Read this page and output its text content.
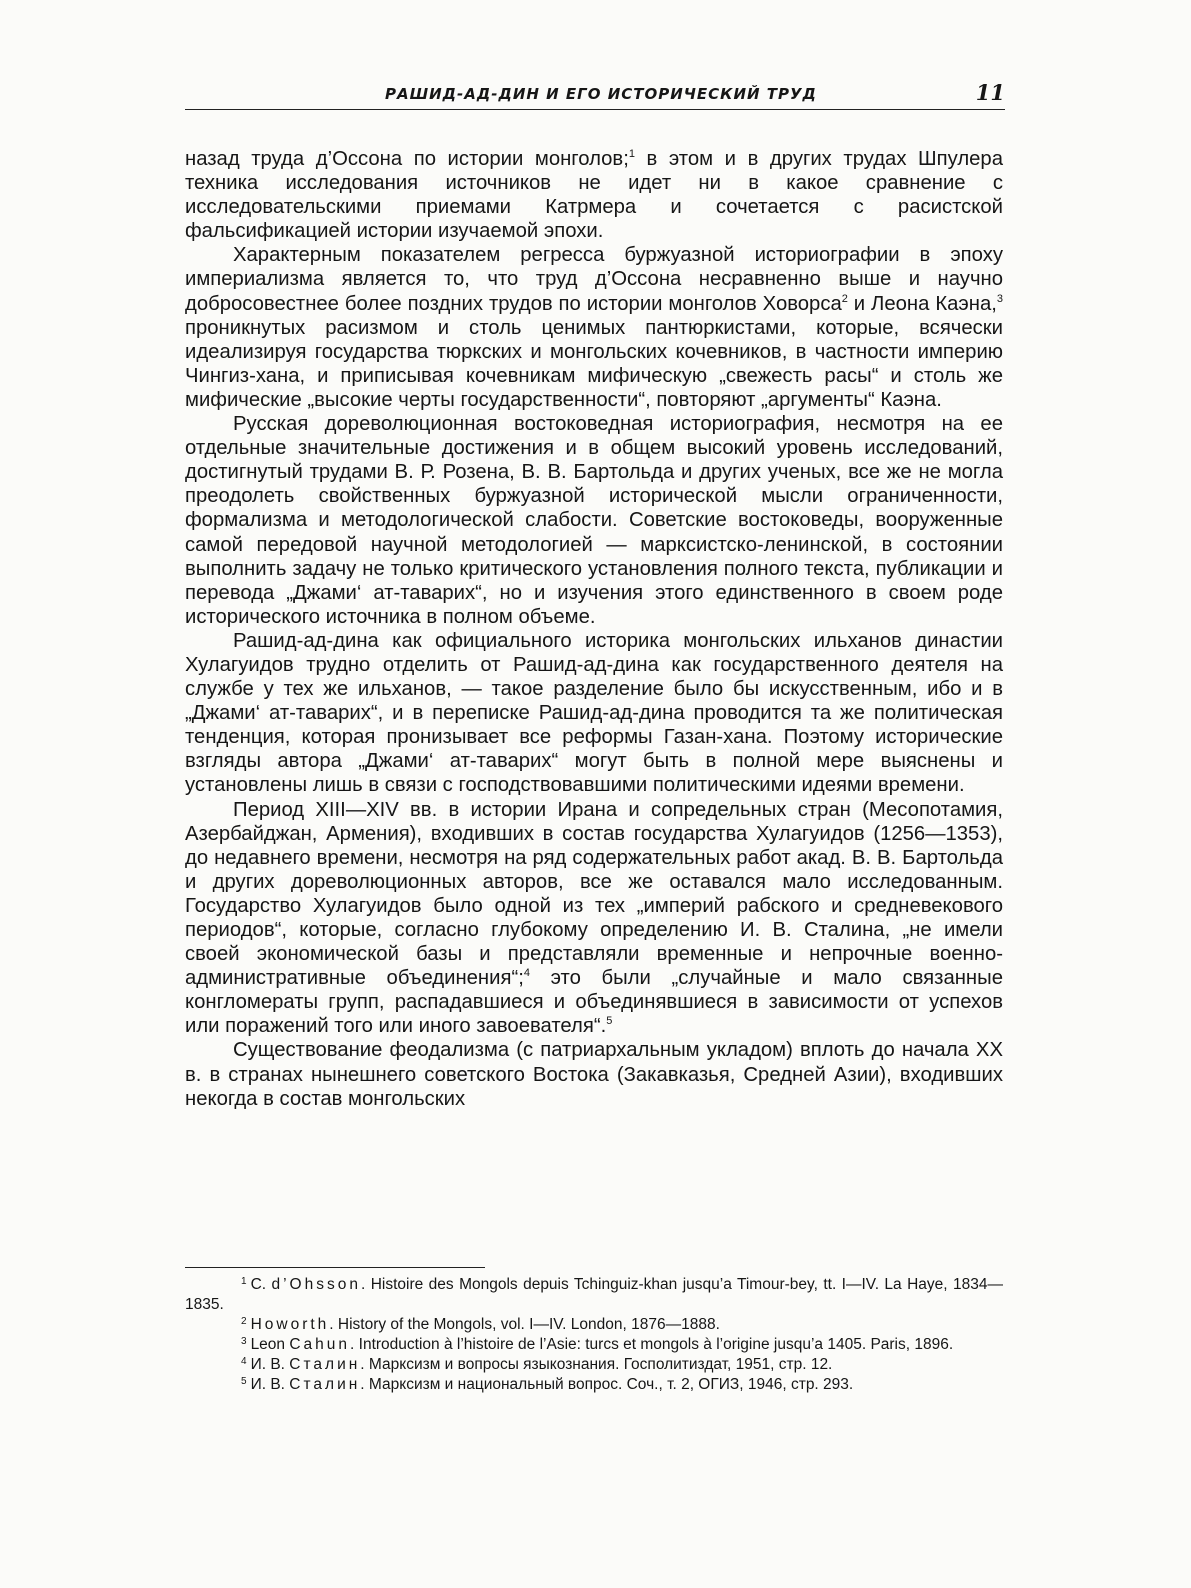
РАШИД-АД-ДИН И ЕГО ИСТОРИЧЕСКИЙ ТРУД	11

назад труда д’Оссона по истории монголов;$^1$ в этом и в других трудах Шпулера техника исследования источников не идет ни в какое сравнение с исследовательскими приемами Катрмера и сочетается с расистской фальсификацией истории изучаемой эпохи.

Характерным показателем регресса буржуазной историографии в эпоху империализма является то, что труд д’Оссона несравненно выше и научно добросовестнее более поздних трудов по истории монголов Ховорса$^2$ и Леона Каэна,$^3$ проникнутых расизмом и столь ценимых пантюркистами, которые, всячески идеализируя государства тюркских и монгольских кочевников, в частности империю Чингиз-хана, и приписывая кочевникам мифическую „свежесть расы“ и столь же мифические „высокие черты государственности“, повторяют „аргументы“ Каэна.

Русская дореволюционная востоковедная историография, несмотря на ее отдельные значительные достижения и в общем высокий уровень исследований, достигнутый трудами В. Р. Розена, В. В. Бартольда и других ученых, все же не могла преодолеть свойственных буржуазной исторической мысли ограниченности, формализма и методологической слабости. Советские востоковеды, вооруженные самой передовой научной методологией — марксистско-ленинской, в состоянии выполнить задачу не только критического установления полного текста, публикации и перевода „Джами‘ ат-таварих“, но и изучения этого единственного в своем роде исторического источника в полном объеме.

Рашид-ад-дина как официального историка монгольских ильханов династии Хулагуидов трудно отделить от Рашид-ад-дина как государственного деятеля на службе у тех же ильханов, — такое разделение было бы искусственным, ибо и в „Джами‘ ат-таварих“, и в переписке Рашид-ад-дина проводится та же политическая тенденция, которая пронизывает все реформы Газан-хана. Поэтому исторические взгляды автора „Джами‘ ат-таварих“ могут быть в полной мере выяснены и установлены лишь в связи с господствовавшими политическими идеями времени.

Период XIII—XIV вв. в истории Ирана и сопредельных стран (Месопотамия, Азербайджан, Армения), входивших в состав государства Хулагуидов (1256—1353), до недавнего времени, несмотря на ряд содержательных работ акад. В. В. Бартольда и других дореволюционных авторов, все же оставался мало исследованным. Государство Хулагуидов было одной из тех „империй рабского и средневекового периодов“, которые, согласно глубокому определению И. В. Сталина, „не имели своей экономической базы и представляли временные и непрочные военно-административные объединения“;$^4$ это были „случайные и мало связанные конгломераты групп, распадавшиеся и объединявшиеся в зависимости от успехов или поражений того или иного завоевателя“.$^5$

Существование феодализма (с патриархальным укладом) вплоть до начала XX в. в странах нынешнего советского Востока (Закавказья, Средней Азии), входивших некогда в состав монгольских

$^1$ C. d’Ohsson. Histoire des Mongols depuis Tchinguiz-khan jusqu’a Timour-bey, tt. I—IV. La Haye, 1834—1835.

$^2$ Howorth. History of the Mongols, vol. I—IV. London, 1876—1888.

$^3$ Leon Cahun. Introduction à l’histoire de l’Asie: turcs et mongols à l’origine jusqu’a 1405. Paris, 1896.

$^4$ И. В. Сталин. Марксизм и вопросы языкознания. Госполитиздат, 1951, стр. 12.

$^5$ И. В. Сталин. Марксизм и национальный вопрос. Соч., т. 2, ОГИЗ, 1946, стр. 293.
